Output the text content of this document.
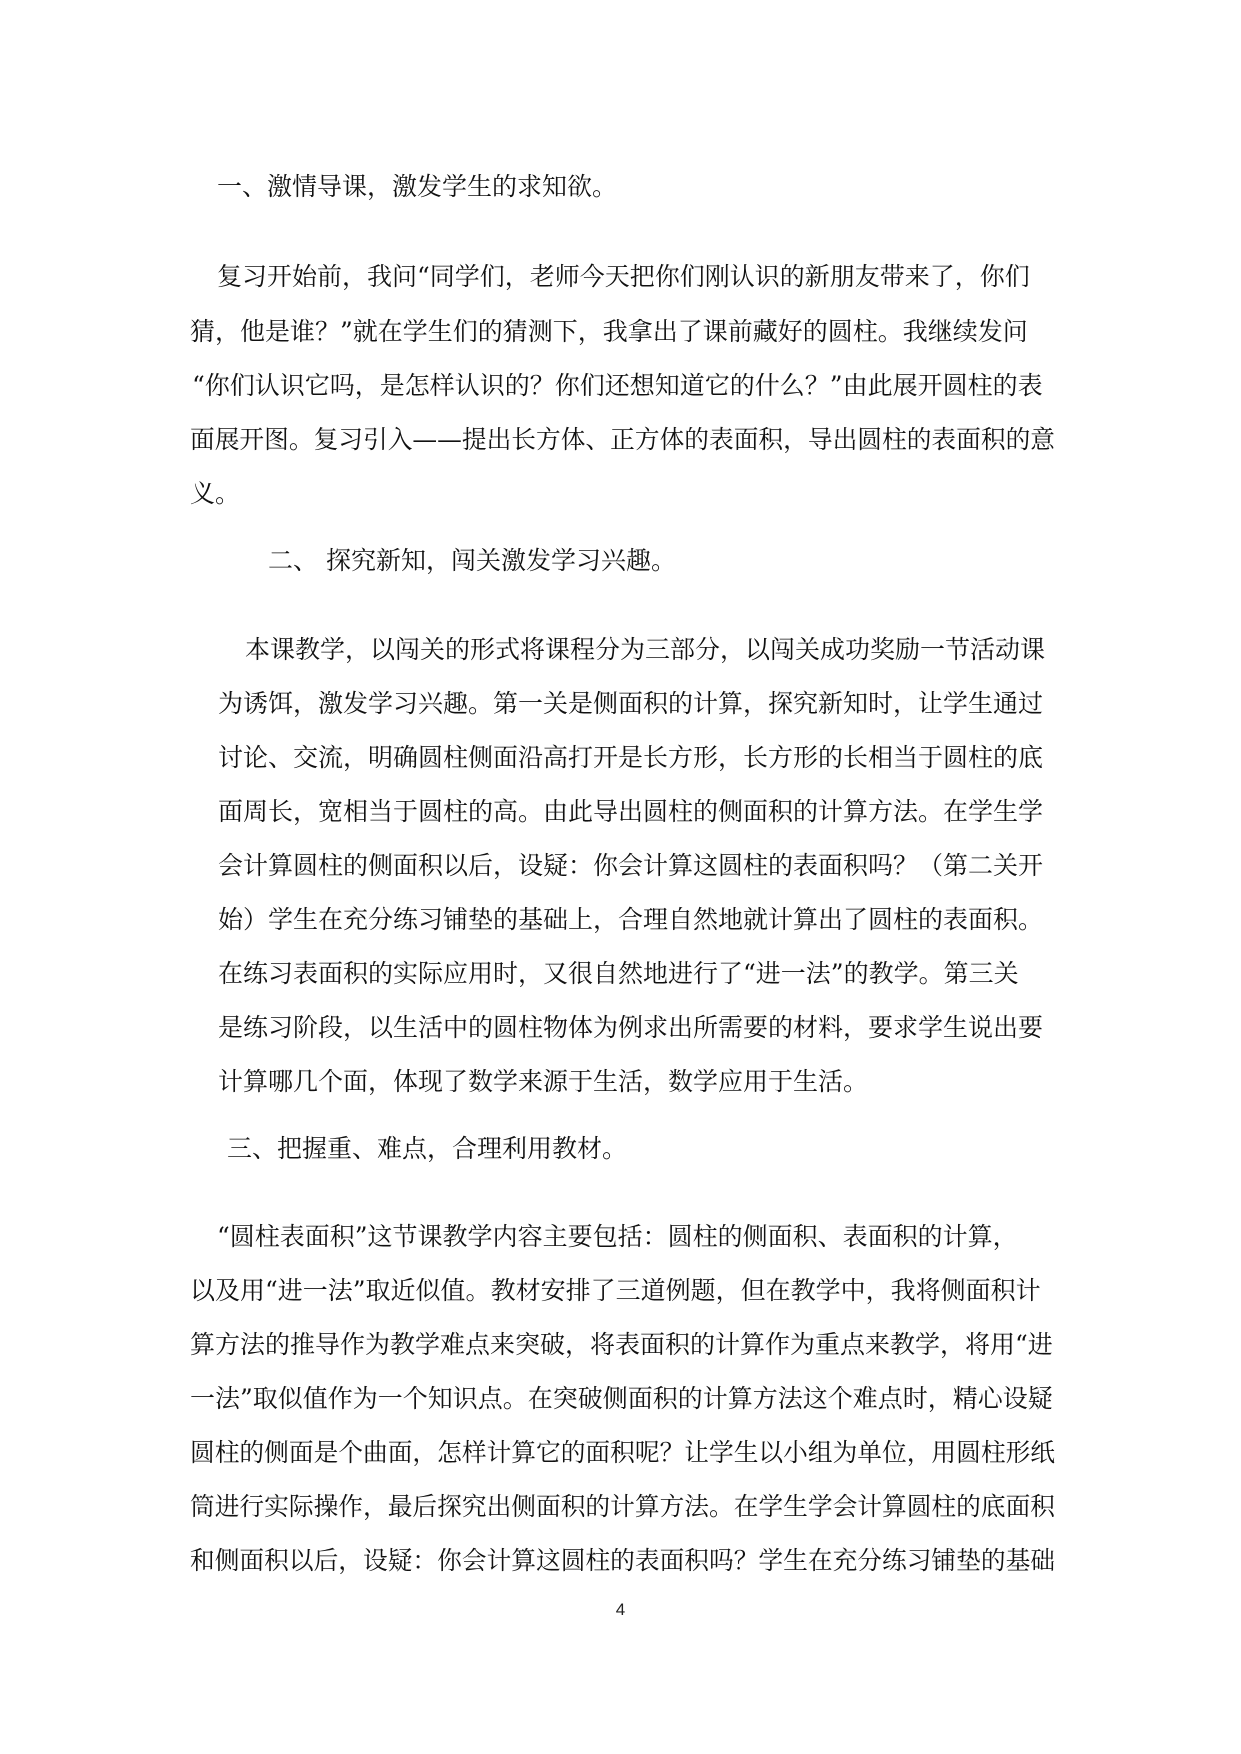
一、激情导课，激发学生的求知欲。
复习开始前，我问“同学们，老师今天把你们刚认识的新朋友带来了，你们
猜，他是谁？”就在学生们的猜测下，我拿出了课前藏好的圆柱。我继续发问
“你们认识它吗，是怎样认识的？你们还想知道它的什么？”由此展开圆柱的表
面展开图。复习引入——提出长方体、正方体的表面积，导出圆柱的表面积的意
义。
二、 探究新知，闯关激发学习兴趣。
本课教学，以闯关的形式将课程分为三部分，以闯关成功奖励一节活动课
为诱饵，激发学习兴趣。第一关是侧面积的计算，探究新知时，让学生通过
讨论、交流，明确圆柱侧面沿高打开是长方形，长方形的长相当于圆柱的底
面周长，宽相当于圆柱的高。由此导出圆柱的侧面积的计算方法。在学生学
会计算圆柱的侧面积以后，设疑：你会计算这圆柱的表面积吗？（第二关开
始）学生在充分练习铺垫的基础上，合理自然地就计算出了圆柱的表面积。
在练习表面积的实际应用时，又很自然地进行了“进一法”的教学。第三关
是练习阶段，以生活中的圆柱物体为例求出所需要的材料，要求学生说出要
计算哪几个面，体现了数学来源于生活，数学应用于生活。
三、把握重、难点，合理利用教材。
“圆柱表面积”这节课教学内容主要包括：圆柱的侧面积、表面积的计算，
以及用“进一法”取近似值。教材安排了三道例题，但在教学中，我将侧面积计
算方法的推导作为教学难点来突破，将表面积的计算作为重点来教学，将用“进
一法”取似值作为一个知识点。在突破侧面积的计算方法这个难点时，精心设疑
圆柱的侧面是个曲面，怎样计算它的面积呢？让学生以小组为单位，用圆柱形纸
筒进行实际操作，最后探究出侧面积的计算方法。在学生学会计算圆柱的底面积
和侧面积以后，设疑：你会计算这圆柱的表面积吗？学生在充分练习铺垫的基础
4
